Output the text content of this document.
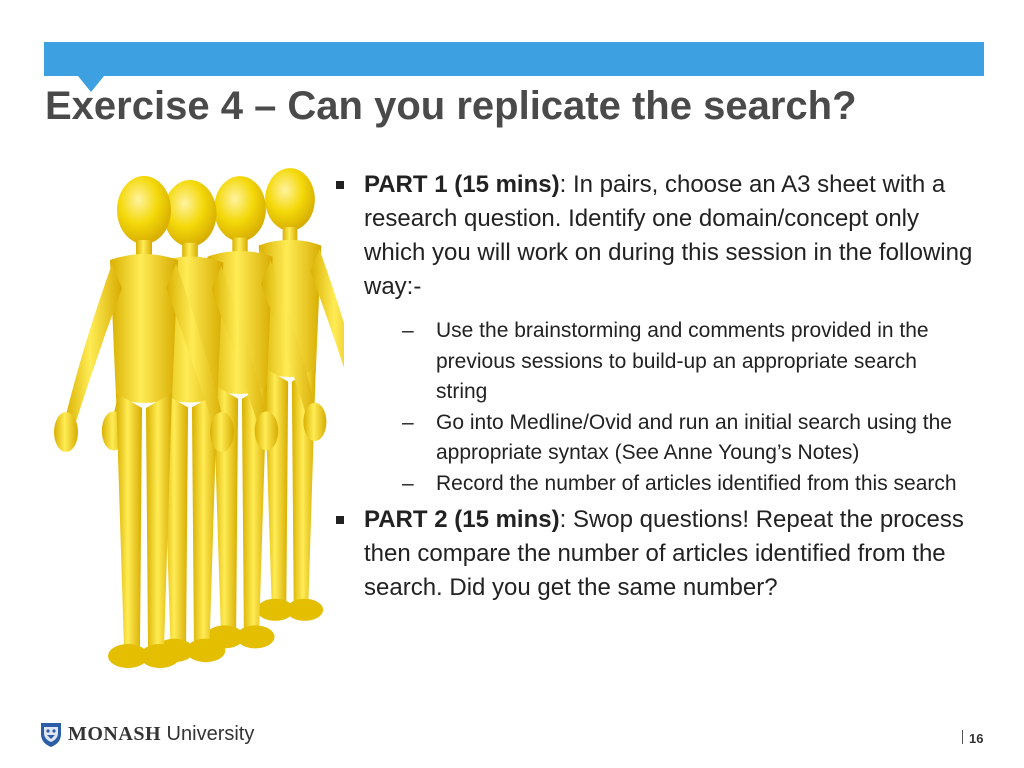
Exercise 4 – Can you replicate the search?
PART 1 (15 mins): In pairs, choose an A3 sheet with a research question. Identify one domain/concept only which you will work on during this session in the following way:-
– Use the brainstorming and comments provided in the previous sessions to build-up an appropriate search string
– Go into Medline/Ovid and run an initial search using the appropriate syntax (See Anne Young’s Notes)
– Record the number of articles identified from this search
PART 2 (15 mins): Swop questions! Repeat the process then compare the number of articles identified from the search. Did you get the same number?
MONASH University	16
